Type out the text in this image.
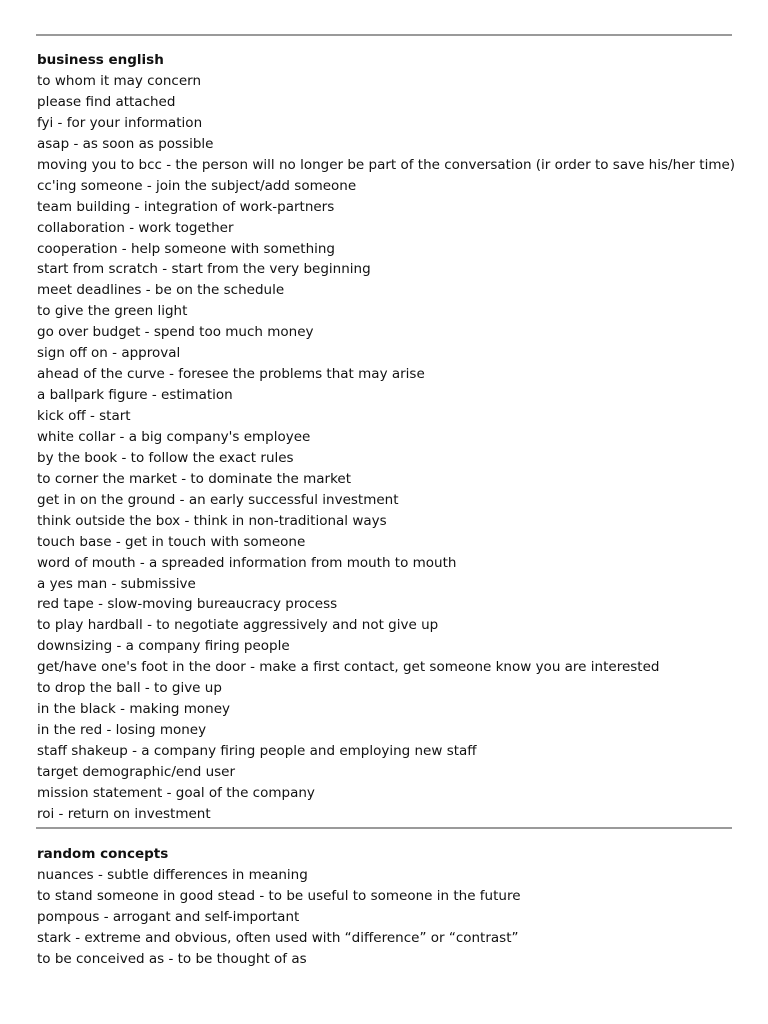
business english
to whom it may concern
please find attached
fyi - for your information
asap - as soon as possible
moving you to bcc - the person will no longer be part of the conversation (ir order to save his/her time)
cc'ing someone - join the subject/add someone
team building - integration of work-partners
collaboration - work together
cooperation - help someone with something
start from scratch - start from the very beginning
meet deadlines - be on the schedule
to give the green light
go over budget - spend too much money
sign off on - approval
ahead of the curve - foresee the problems that may arise
a ballpark figure - estimation
kick off - start
white collar - a big company's employee
by the book - to follow the exact rules
to corner the market - to dominate the market
get in on the ground - an early successful investment
think outside the box - think in non-traditional ways
touch base - get in touch with someone
word of mouth - a spreaded information from mouth to mouth
a yes man - submissive
red tape - slow-moving bureaucracy process
to play hardball - to negotiate aggressively and not give up
downsizing - a company firing people
get/have one's foot in the door - make a first contact, get someone know you are interested
to drop the ball - to give up
in the black - making money
in the red - losing money
staff shakeup - a company firing people and employing new staff
target demographic/end user
mission statement - goal of the company
roi - return on investment
random concepts
nuances - subtle differences in meaning
to stand someone in good stead - to be useful to someone in the future
pompous - arrogant and self-important
stark - extreme and obvious, often used with “difference” or “contrast”
to be conceived as - to be thought of as
